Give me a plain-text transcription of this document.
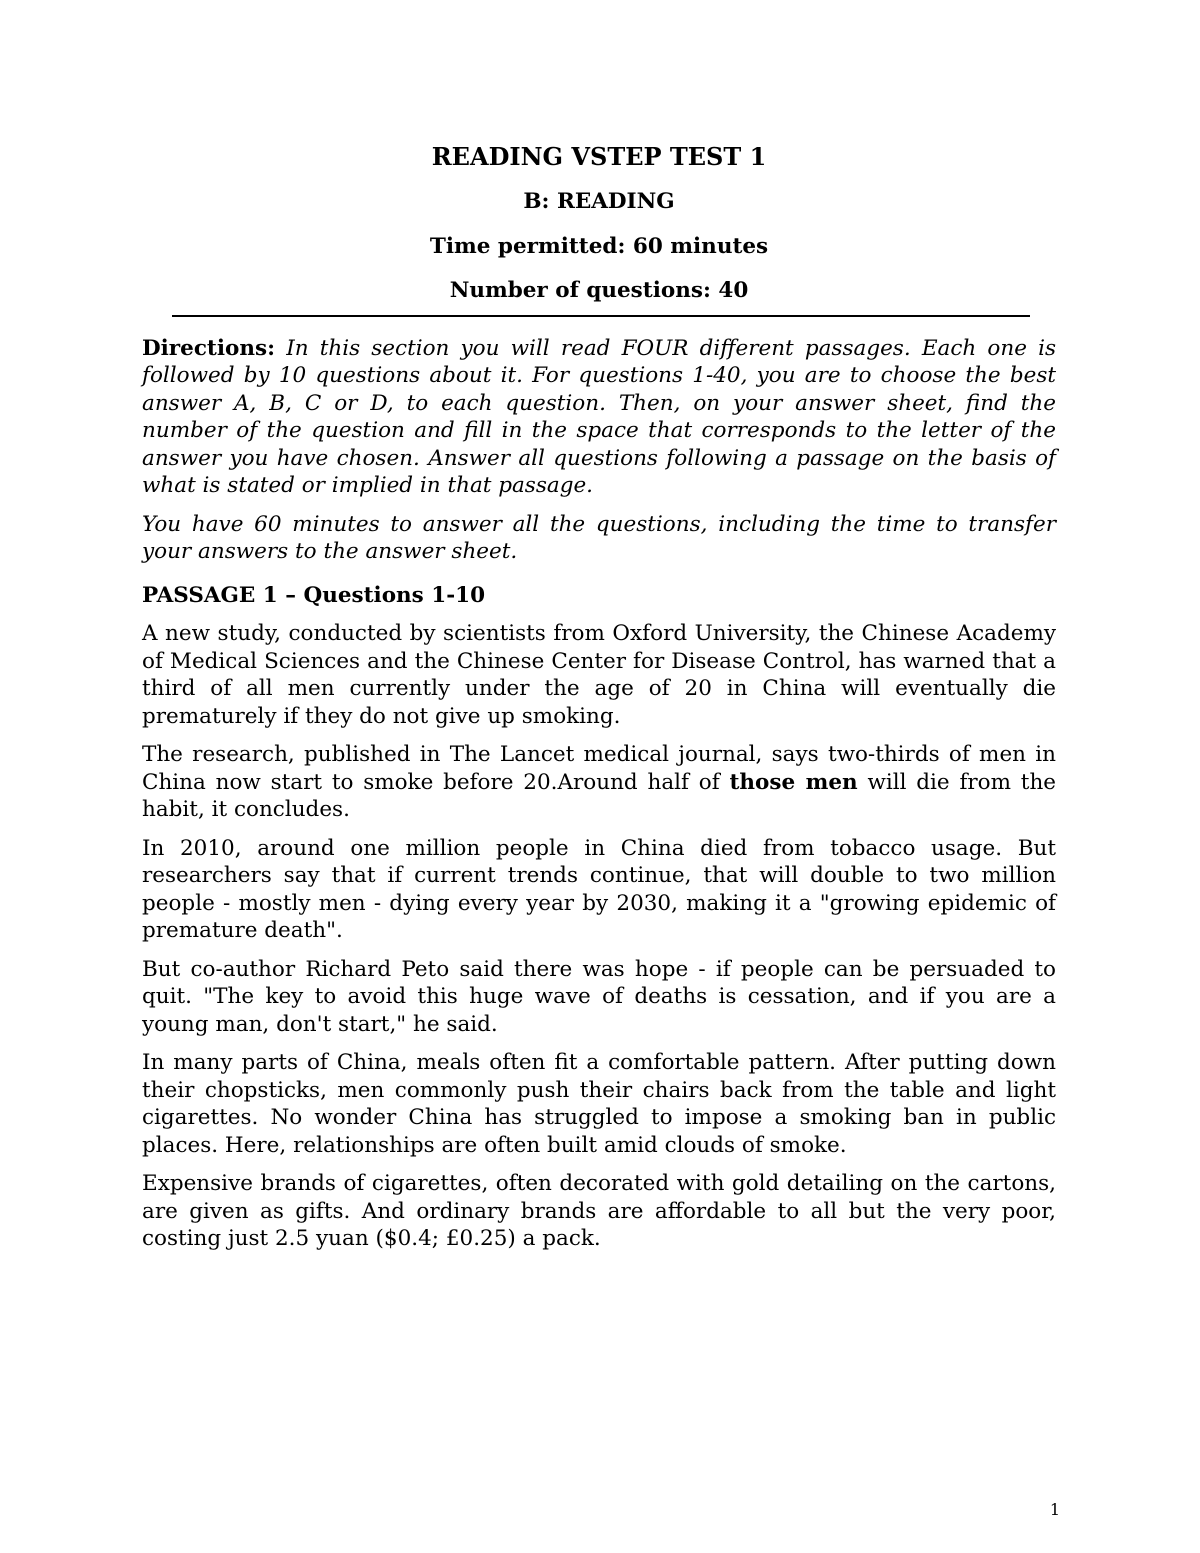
READING VSTEP TEST 1

B: READING

Time permitted: 60 minutes

Number of questions: 40

Directions: In this section you will read FOUR different passages. Each one is followed by 10 questions about it. For questions 1-40, you are to choose the best answer A, B, C or D, to each question. Then, on your answer sheet, find the number of the question and fill in the space that corresponds to the letter of the answer you have chosen. Answer all questions following a passage on the basis of what is stated or implied in that passage.

You have 60 minutes to answer all the questions, including the time to transfer your answers to the answer sheet.

PASSAGE 1 – Questions 1-10

A new study, conducted by scientists from Oxford University, the Chinese Academy of Medical Sciences and the Chinese Center for Disease Control, has warned that a third of all men currently under the age of 20 in China will eventually die prematurely if they do not give up smoking.

The research, published in The Lancet medical journal, says two-thirds of men in China now start to smoke before 20.Around half of those men will die from the habit, it concludes.

In 2010, around one million people in China died from tobacco usage. But researchers say that if current trends continue, that will double to two million people - mostly men - dying every year by 2030, making it a "growing epidemic of premature death".

But co-author Richard Peto said there was hope - if people can be persuaded to quit. "The key to avoid this huge wave of deaths is cessation, and if you are a young man, don't start," he said.

In many parts of China, meals often fit a comfortable pattern. After putting down their chopsticks, men commonly push their chairs back from the table and light cigarettes. No wonder China has struggled to impose a smoking ban in public places. Here, relationships are often built amid clouds of smoke.

Expensive brands of cigarettes, often decorated with gold detailing on the cartons, are given as gifts. And ordinary brands are affordable to all but the very poor, costing just 2.5 yuan ($0.4; £0.25) a pack.

1
